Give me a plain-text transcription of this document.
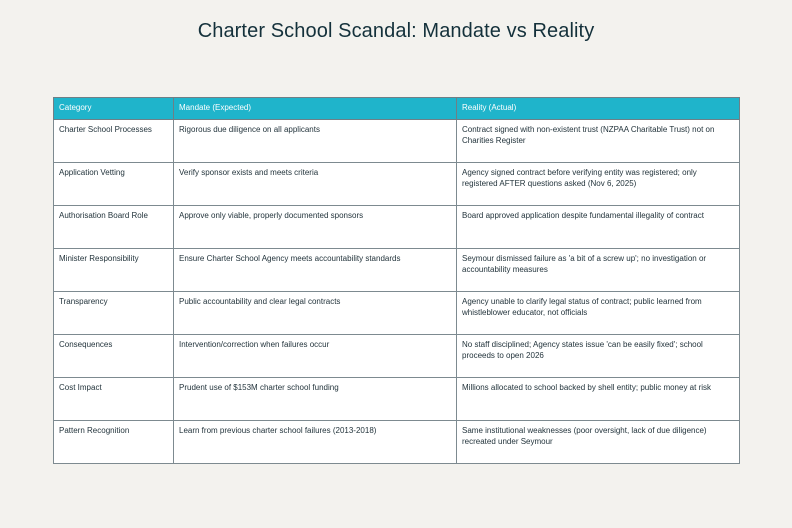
Charter School Scandal: Mandate vs Reality
Category	Mandate (Expected)	Reality (Actual)
Charter School Processes	Rigorous due diligence on all applicants	Contract signed with non-existent trust (NZPAA Charitable Trust) not on Charities Register
Application Vetting	Verify sponsor exists and meets criteria	Agency signed contract before verifying entity was registered; only registered AFTER questions asked (Nov 6, 2025)
Authorisation Board Role	Approve only viable, properly documented sponsors	Board approved application despite fundamental illegality of contract
Minister Responsibility	Ensure Charter School Agency meets accountability standards	Seymour dismissed failure as 'a bit of a screw up'; no investigation or accountability measures
Transparency	Public accountability and clear legal contracts	Agency unable to clarify legal status of contract; public learned from whistleblower educator, not officials
Consequences	Intervention/correction when failures occur	No staff disciplined; Agency states issue 'can be easily fixed'; school proceeds to open 2026
Cost Impact	Prudent use of $153M charter school funding	Millions allocated to school backed by shell entity; public money at risk
Pattern Recognition	Learn from previous charter school failures (2013-2018)	Same institutional weaknesses (poor oversight, lack of due diligence) recreated under Seymour
